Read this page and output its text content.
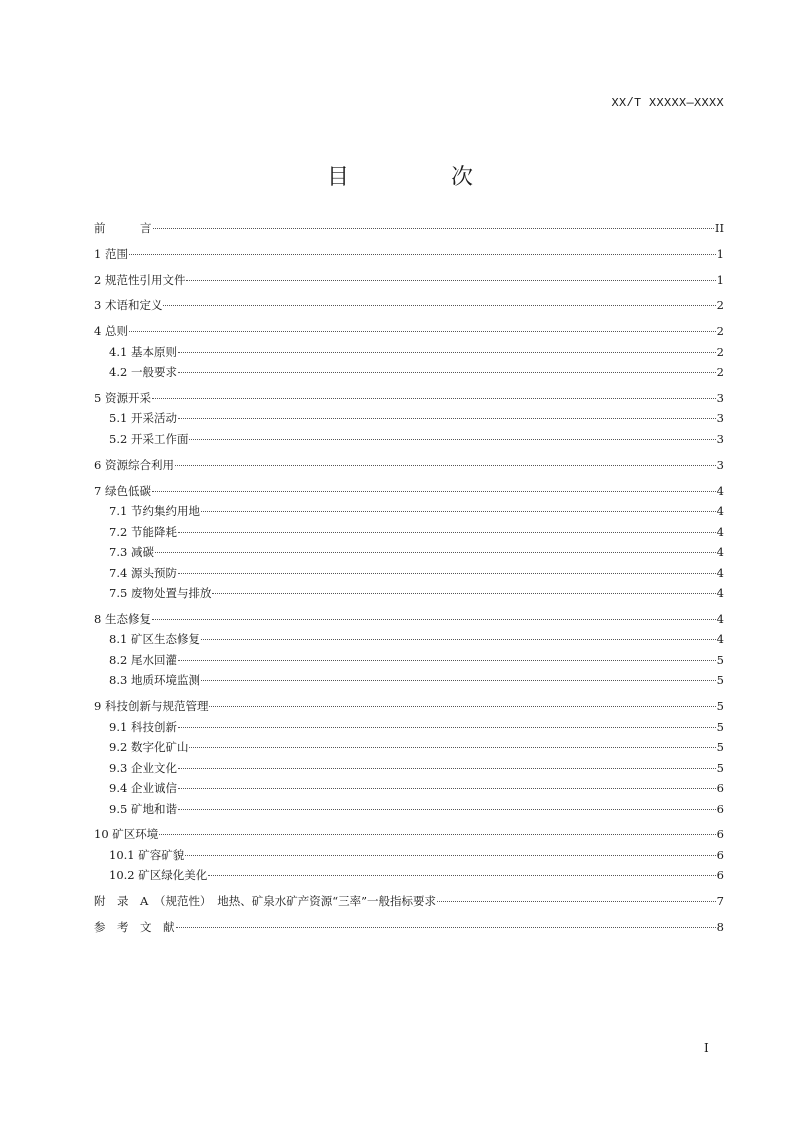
XX/T XXXXX—XXXX
目　次
前　　　言	II
1 范围	1
2 规范性引用文件	1
3 术语和定义	2
4 总则	2
4.1 基本原则	2
4.2 一般要求	2
5 资源开采	3
5.1 开采活动	3
5.2 开采工作面	3
6 资源综合利用	3
7 绿色低碳	4
7.1 节约集约用地	4
7.2 节能降耗	4
7.3 减碳	4
7.4 源头预防	4
7.5 废物处置与排放	4
8 生态修复	4
8.1 矿区生态修复	4
8.2 尾水回灌	5
8.3 地质环境监测	5
9 科技创新与规范管理	5
9.1 科技创新	5
9.2 数字化矿山	5
9.3 企业文化	5
9.4 企业诚信	6
9.5 矿地和谐	6
10 矿区环境	6
10.1 矿容矿貌	6
10.2 矿区绿化美化	6
附　录　A　（规范性）　地热、矿泉水矿产资源“三率”一般指标要求	7
参　考　文　献	8
I
